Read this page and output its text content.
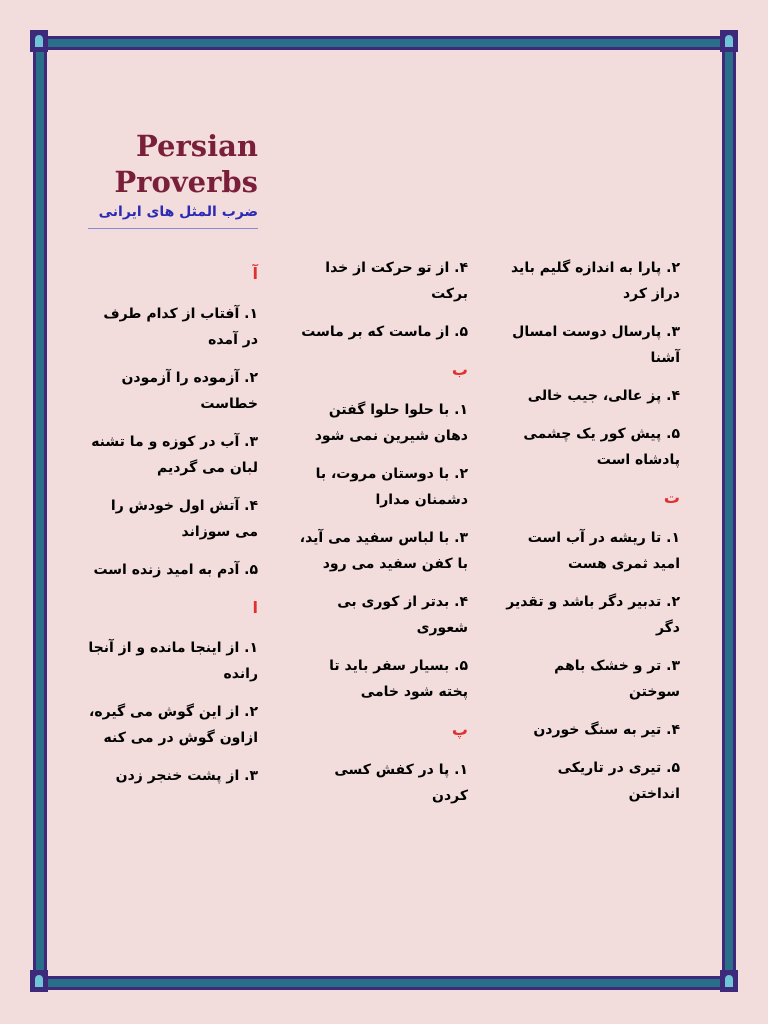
Persian
Proverbs
ضرب المثل های ایرانی
آ
۱. آفتاب از کدام طرف در آمده
۲. آزموده را آزمودن خطاست
۳. آب در کوزه و ما تشنه لبان می گردیم
۴. آتش اول خودش را می سوزاند
۵. آدم به امید زنده است
ا
۱. از اینجا مانده و از آنجا رانده
۲. از این گوش می گیره، ازاون گوش در می کنه
۳. از پشت خنجر زدن
۴. از تو حرکت از خدا برکت
۵. از ماست که بر ماست
ب
۱. با حلوا حلوا گفتن دهان شیرین نمی شود
۲. با دوستان مروت، با دشمنان مدارا
۳. با لباس سفید می آید، با کفن سفید می رود
۴. بدتر از کوری بی شعوری
۵. بسیار سفر باید تا پخته شود خامی
پ
۱. پا در کفش کسی کردن
۲. پارا به اندازه گلیم باید دراز کرد
۳. پارسال دوست امسال آشنا
۴. پز عالی، جیب خالی
۵. پیش کور یک چشمی پادشاه است
ت
۱. تا ریشه در آب است امید ثمری هست
۲. تدبیر دگر باشد و تقدیر دگر
۳. تر و خشک باهم سوختن
۴. تیر به سنگ خوردن
۵. تیری در تاریکی انداختن
